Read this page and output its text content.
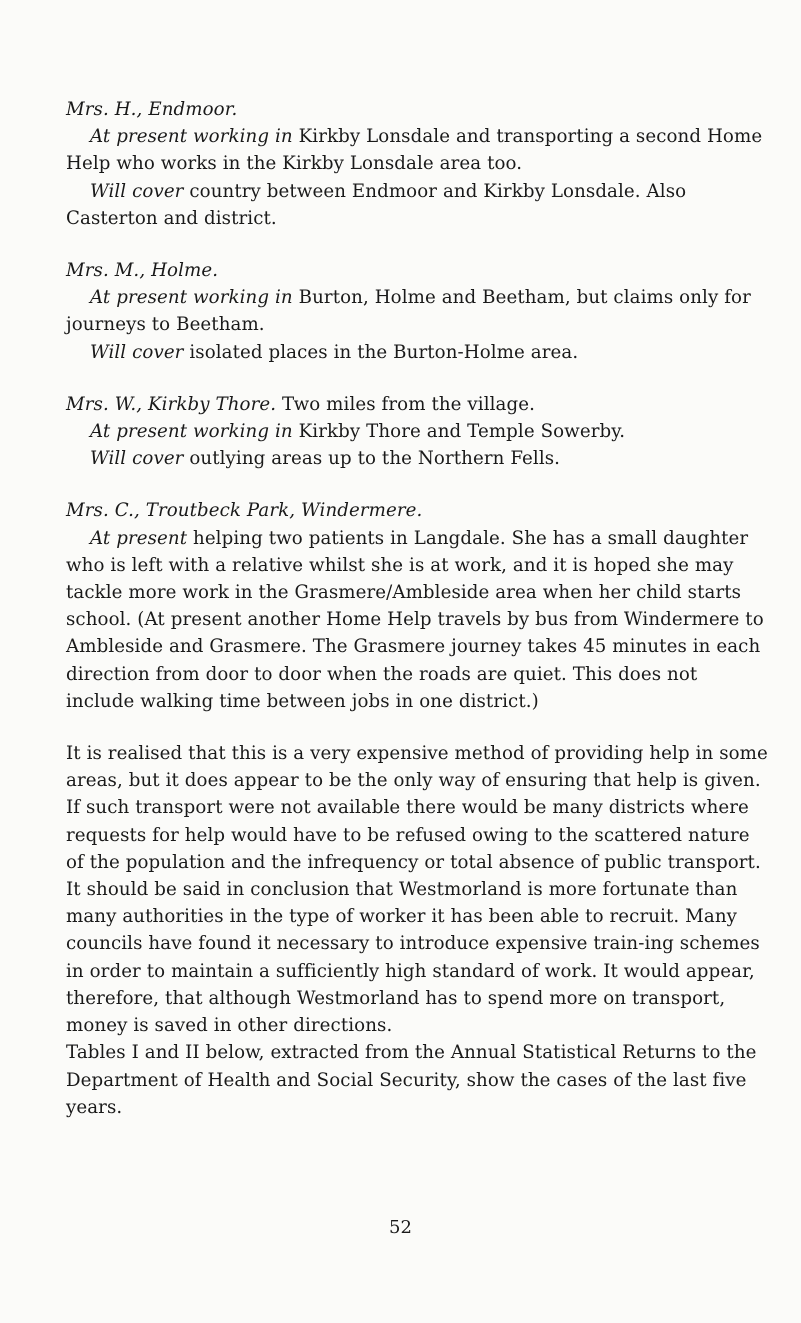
Mrs. H., Endmoor.

At present working in Kirkby Lonsdale and transporting a second Home Help who works in the Kirkby Lonsdale area too.

Will cover country between Endmoor and Kirkby Lonsdale. Also Casterton and district.

Mrs. M., Holme.

At present working in Burton, Holme and Beetham, but claims only for journeys to Beetham.

Will cover isolated places in the Burton-Holme area.

Mrs. W., Kirkby Thore. Two miles from the village.

At present working in Kirkby Thore and Temple Sowerby.

Will cover outlying areas up to the Northern Fells.

Mrs. C., Troutbeck Park, Windermere.

At present helping two patients in Langdale. She has a small daughter who is left with a relative whilst she is at work, and it is hoped she may tackle more work in the Grasmere/Ambleside area when her child starts school. (At present another Home Help travels by bus from Windermere to Ambleside and Grasmere. The Grasmere journey takes 45 minutes in each direction from door to door when the roads are quiet. This does not include walking time between jobs in one district.)

It is realised that this is a very expensive method of providing help in some areas, but it does appear to be the only way of ensuring that help is given. If such transport were not available there would be many districts where requests for help would have to be refused owing to the scattered nature of the population and the infrequency or total absence of public transport.

It should be said in conclusion that Westmorland is more fortunate than many authorities in the type of worker it has been able to recruit. Many councils have found it necessary to introduce expensive train-ing schemes in order to maintain a sufficiently high standard of work. It would appear, therefore, that although Westmorland has to spend more on transport, money is saved in other directions.

Tables I and II below, extracted from the Annual Statistical Returns to the Department of Health and Social Security, show the cases of the last five years.

52
